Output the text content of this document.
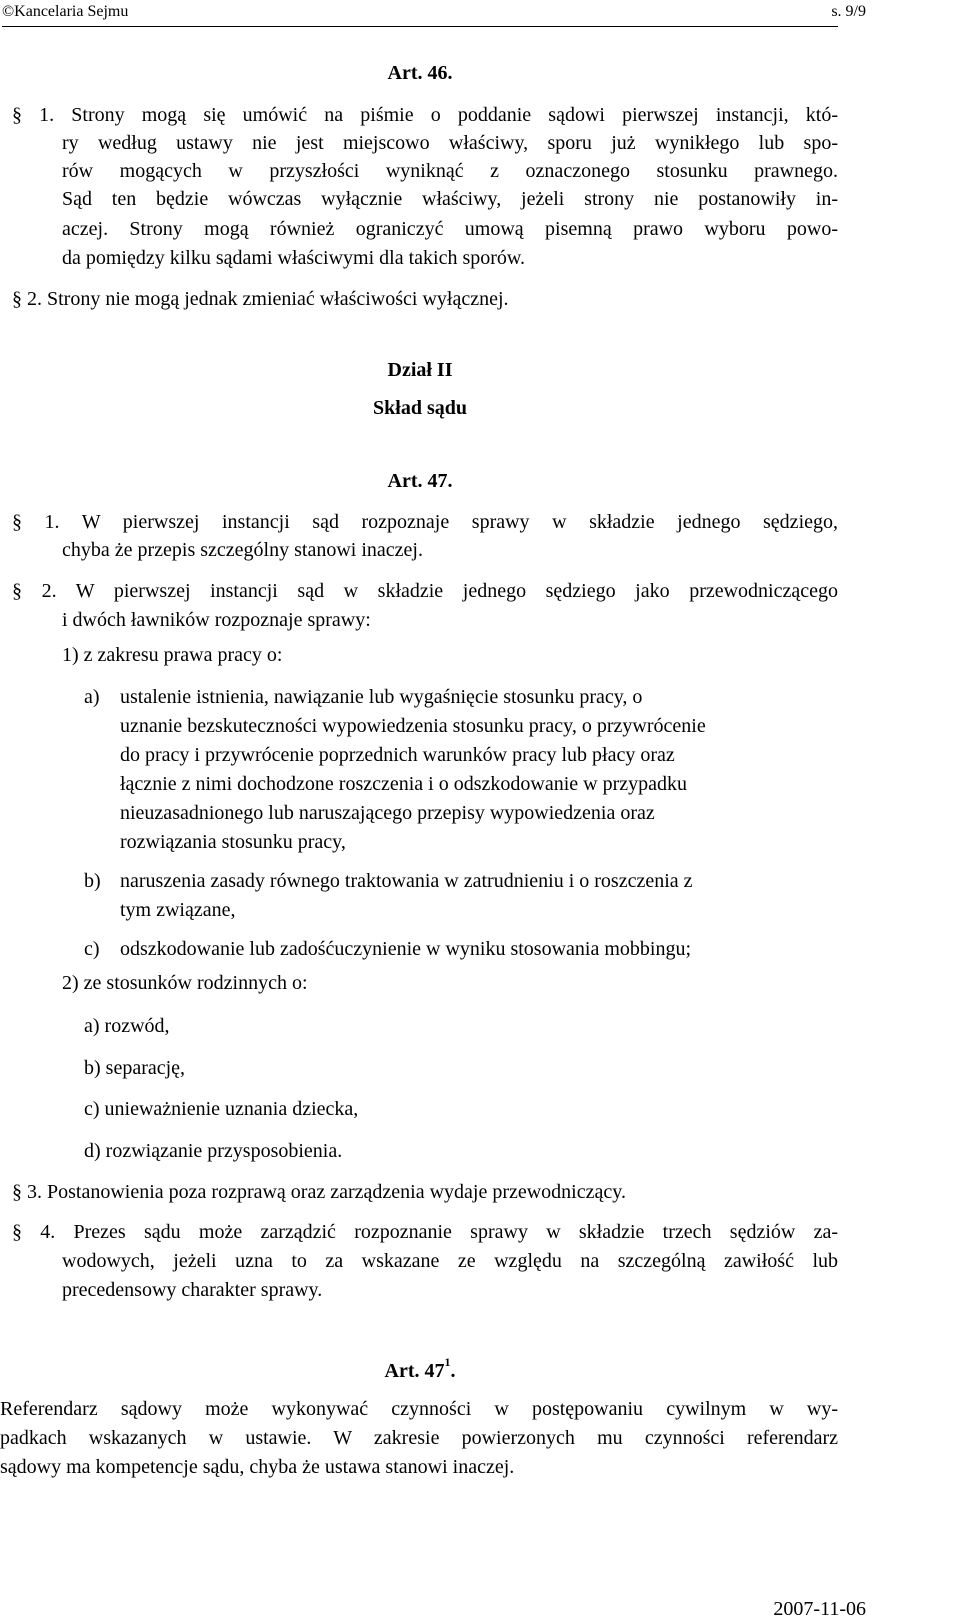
©Kancelaria Sejmu	s. 9/9
Art. 46.
§ 1. Strony mogą się umówić na piśmie o poddanie sądowi pierwszej instancji, któ-
ry według ustawy nie jest miejscowo właściwy, sporu już wynikłego lub spo-
rów mogących w przyszłości wyniknąć z oznaczonego stosunku prawnego.
Sąd ten będzie wówczas wyłącznie właściwy, jeżeli strony nie postanowiły in-
aczej. Strony mogą również ograniczyć umową pisemną prawo wyboru powo-
da pomiędzy kilku sądami właściwymi dla takich sporów.
§ 2. Strony nie mogą jednak zmieniać właściwości wyłącznej.
Dział II
Skład sądu
Art. 47.
§ 1. W pierwszej instancji sąd rozpoznaje sprawy w składzie jednego sędziego,
chyba że przepis szczególny stanowi inaczej.
§ 2. W pierwszej instancji sąd w składzie jednego sędziego jako przewodniczącego
i dwóch ławników rozpoznaje sprawy:
1) z zakresu prawa pracy o:
a) ustalenie istnienia, nawiązanie lub wygaśnięcie stosunku pracy, o
uznanie bezskuteczności wypowiedzenia stosunku pracy, o przywrócenie
do pracy i przywrócenie poprzednich warunków pracy lub płacy oraz
łącznie z nimi dochodzone roszczenia i o odszkodowanie w przypadku
nieuzasadnionego lub naruszającego przepisy wypowiedzenia oraz
rozwiązania stosunku pracy,
b) naruszenia zasady równego traktowania w zatrudnieniu i o roszczenia z
tym związane,
c) odszkodowanie lub zadośćuczynienie w wyniku stosowania mobbingu;
2) ze stosunków rodzinnych o:
a) rozwód,
b) separację,
c) unieważnienie uznania dziecka,
d) rozwiązanie przysposobienia.
§ 3. Postanowienia poza rozprawą oraz zarządzenia wydaje przewodniczący.
§ 4. Prezes sądu może zarządzić rozpoznanie sprawy w składzie trzech sędziów za-
wodowych, jeżeli uzna to za wskazane ze względu na szczególną zawiłość lub
precedensowy charakter sprawy.
Art. $47^1$.
Referendarz sądowy może wykonywać czynności w postępowaniu cywilnym w wy-
padkach wskazanych w ustawie. W zakresie powierzonych mu czynności referendarz
sądowy ma kompetencje sądu, chyba że ustawa stanowi inaczej.
2007-11-06
